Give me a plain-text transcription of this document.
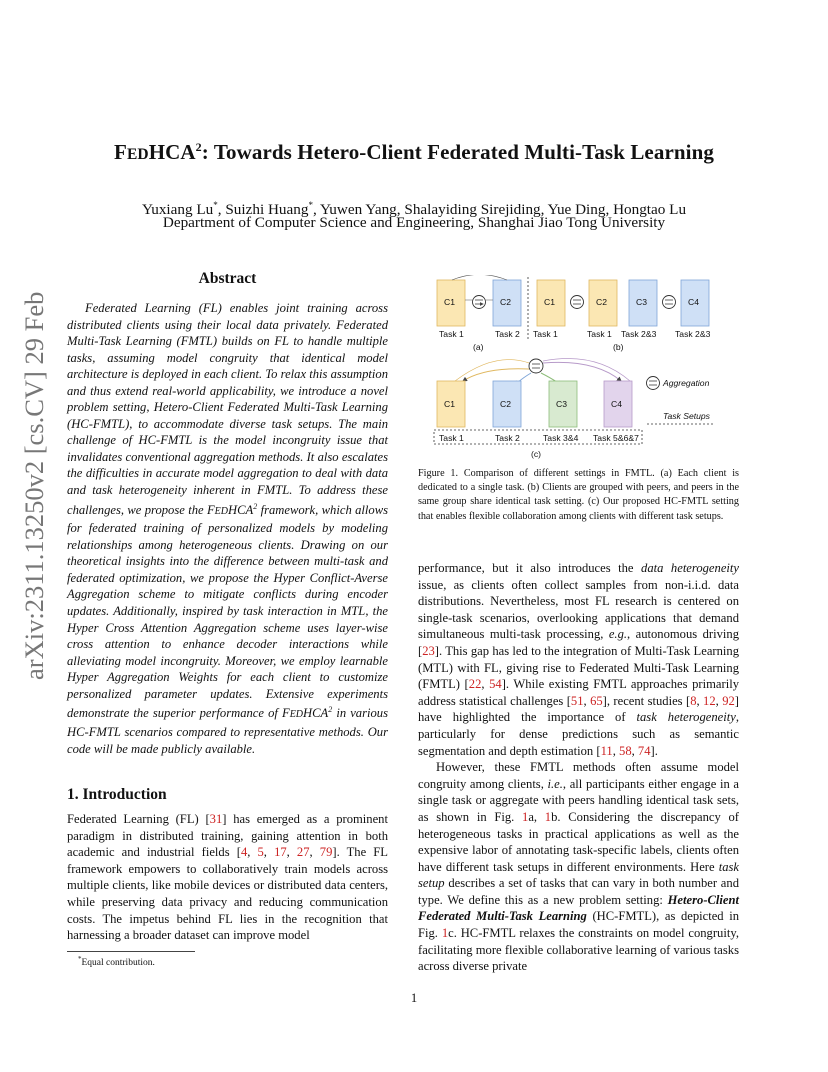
arXiv:2311.13250v2 [cs.CV] 29 Feb 2024
FEDHCA$^2$: Towards Hetero-Client Federated Multi-Task Learning
Yuxiang Lu*, Suizhi Huang*, Yuwen Yang, Shalayiding Sirejiding, Yue Ding, Hongtao Lu
Department of Computer Science and Engineering, Shanghai Jiao Tong University
Abstract
Federated Learning (FL) enables joint training across distributed clients using their local data privately. Federated Multi-Task Learning (FMTL) builds on FL to handle multiple tasks, assuming model congruity that identical model architecture is deployed in each client. To relax this assumption and thus extend real-world applicability, we introduce a novel problem setting, Hetero-Client Federated Multi-Task Learning (HC-FMTL), to accommodate diverse task setups. The main challenge of HC-FMTL is the model incongruity issue that invalidates conventional aggregation methods. It also escalates the difficulties in accurate model aggregation to deal with data and task heterogeneity inherent in FMTL. To address these challenges, we propose the FEDHCA$^2$ framework, which allows for federated training of personalized models by modeling relationships among heterogeneous clients. Drawing on our theoretical insights into the difference between multi-task and federated optimization, we propose the Hyper Conflict-Averse Aggregation scheme to mitigate conflicts during encoder updates. Additionally, inspired by task interaction in MTL, the Hyper Cross Attention Aggregation scheme uses layer-wise cross attention to enhance decoder interactions while alleviating model incongruity. Moreover, we employ learnable Hyper Aggregation Weights for each client to customize personalized parameter updates. Extensive experiments demonstrate the superior performance of FEDHCA$^2$ in various HC-FMTL scenarios compared to representative methods. Our code will be made publicly available.
1. Introduction
Federated Learning (FL) [31] has emerged as a prominent paradigm in distributed training, gaining attention in both academic and industrial fields [4, 5, 17, 27, 79]. The FL framework empowers to collaboratively train models across multiple clients, like mobile devices or distributed data centers, while preserving data privacy and reducing communication costs. The impetus behind FL lies in the recognition that harnessing a broader dataset can improve model
*Equal contribution.
1
C1	C2
Task 1	Task 2
(a)
C1	C2	C3	C4
Task 1	Task 1 Task 2&3 Task 2&3
(b)
C1	C2	C3	C4
Task 1	Task 2	Task 3&4 Task 5&6&7
(c)
Aggregation
Task Setups
Figure 1. Comparison of different settings in FMTL. (a) Each client is dedicated to a single task. (b) Clients are grouped with peers, and peers in the same group share identical task setting. (c) Our proposed HC-FMTL setting that enables flexible collaboration among clients with different task setups.

performance, but it also introduces the data heterogeneity issue, as clients often collect samples from non-i.i.d. data distributions. Nevertheless, most FL research is centered on single-task scenarios, overlooking applications that demand simultaneous multi-task processing, e.g., autonomous driving [23]. This gap has led to the integration of Multi-Task Learning (MTL) with FL, giving rise to Federated Multi-Task Learning (FMTL) [22, 54]. While existing FMTL approaches primarily address statistical challenges [51, 65], recent studies [8, 12, 92] have highlighted the importance of task heterogeneity, particularly for dense predictions such as semantic segmentation and depth estimation [11, 58, 74].

However, these FMTL methods often assume model congruity among clients, i.e., all participants either engage in a single task or aggregate with peers handling identical task sets, as shown in Fig. 1a, 1b. Considering the discrepancy of heterogeneous tasks in practical applications as well as the expensive labor of annotating task-specific labels, clients often have different task setups in different environments. Here task setup describes a set of tasks that can vary in both number and type. We define this as a new problem setting: Hetero-Client Federated Multi-Task Learning (HC-FMTL), as depicted in Fig. 1c. HC-FMTL relaxes the constraints on model congruity, facilitating more flexible collaborative learning of various tasks across diverse private
